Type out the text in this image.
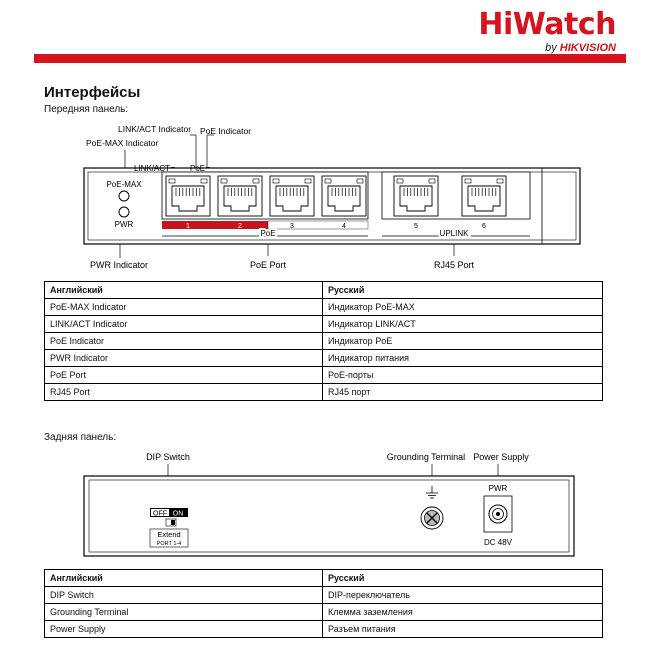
HiWatch
by HIKVISION
Интерфейсы
Передняя панель:
LINK/ACT Indicator PoE Indicator
PoE-MAX Indicator
LINK/ACT PoE
PoE-MAX
PWR	1	2	3	4	5	6
PoE	UPLINK
PWR Indicator	PoE Port	RJ45 Port
Английский	Русский
PoE-MAX Indicator	Индикатор PoE-MAX
LINK/ACT Indicator	Индикатор LINK/ACT
PoE Indicator	Индикатор PoE
PWR Indicator	Индикатор питания
PoE Port	PoE-порты
RJ45 Port	RJ45 порт
Задняя панель:
OFF ON
Extend
PORT 1-4
PWR
DC 48V
DIP Switch	Grounding Terminal Power Supply
Английский	Русский
DIP Switch	DIP-переключатель
Grounding Terminal	Клемма заземления
Power Supply	Разъем питания
